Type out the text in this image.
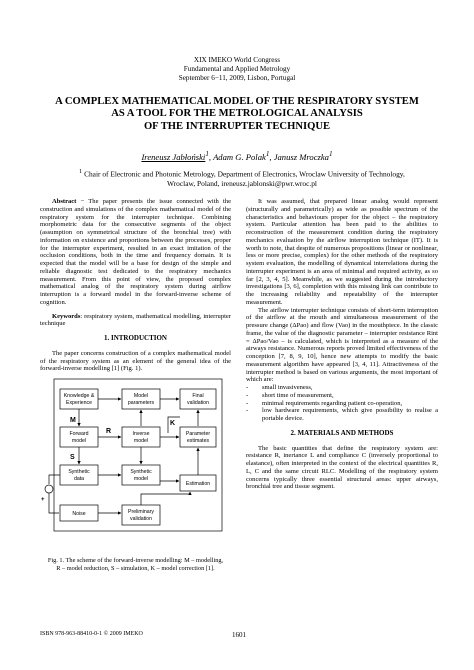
XIX IMEKO World Congress
Fundamental and Applied Metrology
September 6−11, 2009, Lisbon, Portugal
A COMPLEX MATHEMATICAL MODEL OF THE RESPIRATORY SYSTEM
AS A TOOL FOR THE METROLOGICAL ANALYSIS
OF THE INTERRUPTER TECHNIQUE
Ireneusz Jabłoński$^1$, Adam G. Polak$^1$, Janusz Mroczka$^1$
$^1$ Chair of Electronic and Photonic Metrology, Department of Electronics, Wroclaw University of Technology,
Wroclaw, Poland, ireneusz.jablonski@pwr.wroc.pl

Abstract − The paper presents the issue connected with the construction and simulations of the complex mathematical model of the respiratory system for the interrupter technique. Combining morphometric data for the consecutive segments of the object (assumption on symmetrical structure of the bronchial tree) with information on existence and proportions between the processes, proper for the interrupter experiment, resulted in an exact imitation of the occlusion conditions, both in the time and frequency domain. It is expected that the model will be a base for design of the simple and reliable diagnostic test dedicated to the respiratory mechanics measurement. From this point of view, the proposed complex mathematical analog of the respiratory system during airflow interruption is a forward model in the forward-inverse scheme of cognition.

Keywords: respiratory system, mathematical modelling, interrupter technique

1. INTRODUCTION

The paper concerns construction of a complex mathematical model of the respiratory system as an element of the general idea of the forward-inverse modelling [1] (Fig. 1).

Knowledge &
Experience
Model
parameters
Final
validation
Forward
model
Inverse
model
Parameter
estimates
Synthetic
data
Synthetic
model
Estimation
Noise	Preliminary
validation
M
R
S
K
+
Fig. 1. The scheme of the forward-inverse modelling: M – modelling, R – model reduction, S – simulation, K – model correction [1].

It was assumed, that prepared linear analog would represent (structurally and parametrically) as wide as possible spectrum of the characteristics and behaviours proper for the object – the respiratory system. Particular attention has been paid to the abilities to reconstruction of the measurement condition during the respiratory mechanics evaluation by the airflow interruption technique (IT). It is worth to note, that despite of numerous propositions (linear or nonlinear, less or more precise, complex) for the other methods of the respiratory system evaluation, the modelling of dynamical interrelations during the interrupter experiment is an area of minimal and required activity, as so far [2, 3, 4, 5]. Meanwhile, as we suggested during the introductory investigations [3, 6], completion with this missing link can contribute to the increasing reliability and repeatability of the interrupter measurement.

The airflow interrupter technique consists of short-term interruption of the airflow at the mouth and simultaneous measurement of the pressure change (ΔPao) and flow (Vao) in the mouthpiece. In the classic frame, the value of the diagnostic parameter – interrupter resistance Rint = ΔPao/Vao – is calculated, which is interpreted as a measure of the airways resistance. Numerous reports proved limited effectiveness of the conception [7, 8, 9, 10], hence new attempts to modify the basic measurement algorithm have appeared [3, 4, 11]. Attractiveness of the interrupter method is based on various arguments, the most important of which are:

- small invasiveness,
- short time of measurement,
- minimal requirements regarding patient co-operation,
- low hardware requirements, which give possibility to realise a portable device.
2. MATERIALS AND METHODS

The basic quantities that define the respiratory system are: resistance R, inertance L and compliance C (inversely proportional to elastance), often interpreted in the context of the electrical quantities R, L, C and the same circuit RLC. Modelling of the respiratory system concerns typically three essential structural areas: upper airways, bronchial tree and tissue segment.

ISBN 978-963-88410-0-1 © 2009 IMEKO	1601
